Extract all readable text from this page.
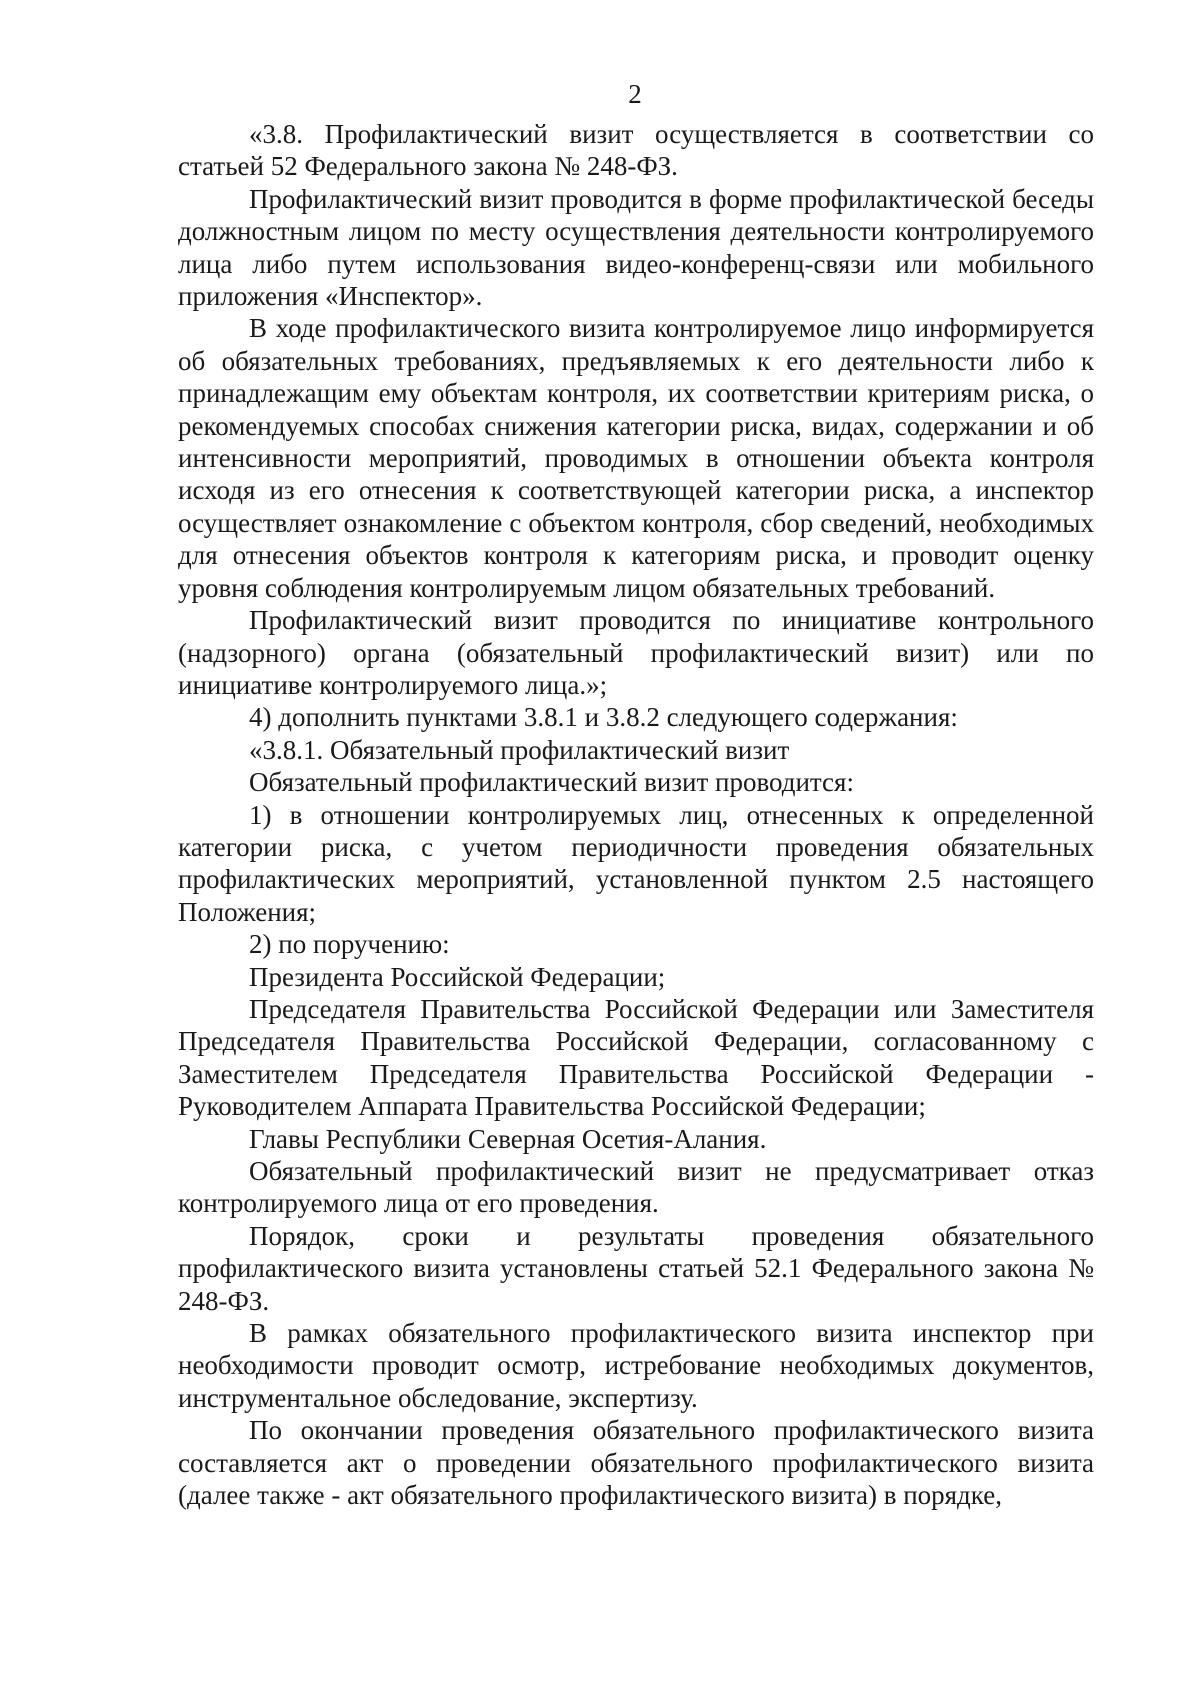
2

«3.8. Профилактический визит осуществляется в соответствии со статьей 52 Федерального закона № 248-ФЗ.

Профилактический визит проводится в форме профилактической беседы должностным лицом по месту осуществления деятельности контролируемого лица либо путем использования видео-конференц-связи или мобильного приложения «Инспектор».

В ходе профилактического визита контролируемое лицо информируется об обязательных требованиях, предъявляемых к его деятельности либо к принадлежащим ему объектам контроля, их соответствии критериям риска, о рекомендуемых способах снижения категории риска, видах, содержании и об интенсивности мероприятий, проводимых в отношении объекта контроля исходя из его отнесения к соответствующей категории риска, а инспектор осуществляет ознакомление с объектом контроля, сбор сведений, необходимых для отнесения объектов контроля к категориям риска, и проводит оценку уровня соблюдения контролируемым лицом обязательных требований.

Профилактический визит проводится по инициативе контрольного (надзорного) органа (обязательный профилактический визит) или по инициативе контролируемого лица.»;

4) дополнить пунктами 3.8.1 и 3.8.2 следующего содержания:

«3.8.1. Обязательный профилактический визит

Обязательный профилактический визит проводится:

1) в отношении контролируемых лиц, отнесенных к определенной категории риска, с учетом периодичности проведения обязательных профилактических мероприятий, установленной пунктом 2.5 настоящего Положения;

2) по поручению:

Президента Российской Федерации;

Председателя Правительства Российской Федерации или Заместителя Председателя Правительства Российской Федерации, согласованному с Заместителем Председателя Правительства Российской Федерации - Руководителем Аппарата Правительства Российской Федерации;

Главы Республики Северная Осетия-Алания.

Обязательный профилактический визит не предусматривает отказ контролируемого лица от его проведения.

Порядок, сроки и результаты проведения обязательного профилактического визита установлены статьей 52.1 Федерального закона № 248-ФЗ.

В рамках обязательного профилактического визита инспектор при необходимости проводит осмотр, истребование необходимых документов, инструментальное обследование, экспертизу.

По окончании проведения обязательного профилактического визита составляется акт о проведении обязательного профилактического визита (далее также - акт обязательного профилактического визита) в порядке,
